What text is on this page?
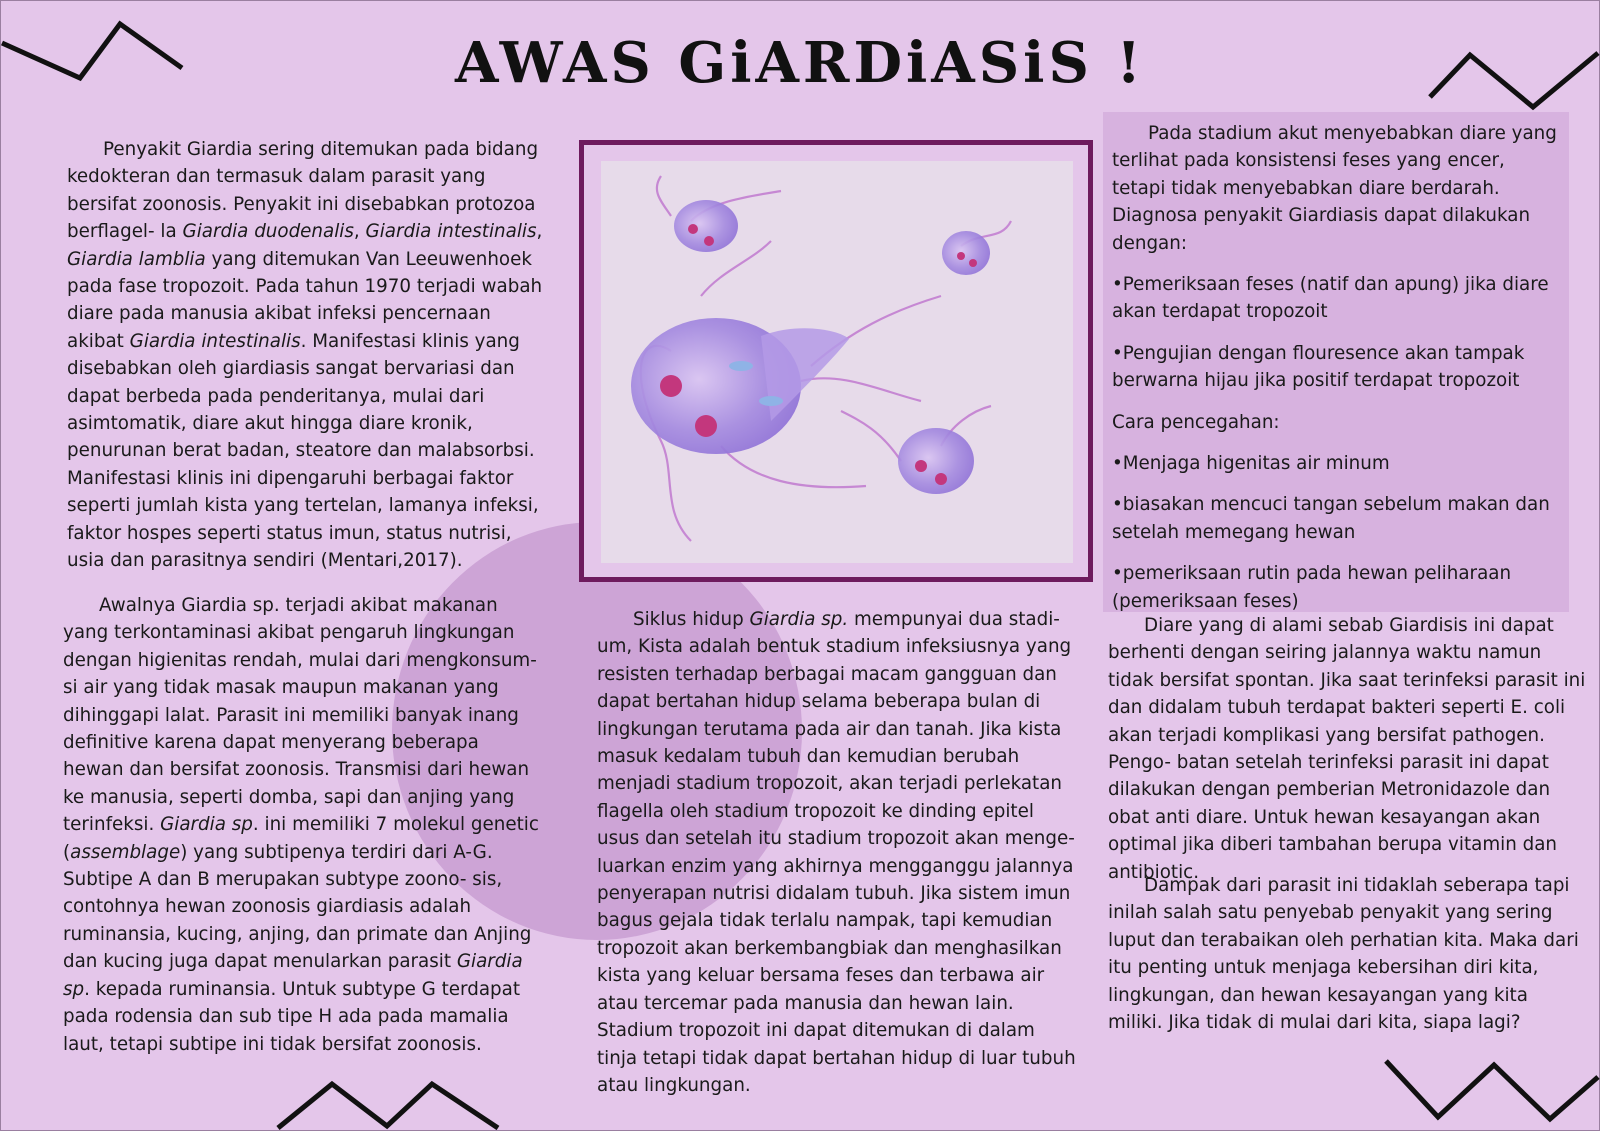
AWAS GiARDiASiS !

Penyakit Giardia sering ditemukan pada bidang kedokteran dan termasuk dalam parasit yang bersifat zoonosis. Penyakit ini disebabkan protozoa berflagel- la Giardia duodenalis, Giardia intestinalis, Giardia lamblia yang ditemukan Van Leeuwenhoek pada fase tropozoit. Pada tahun 1970 terjadi wabah diare pada manusia akibat infeksi pencernaan akibat Giardia intestinalis. Manifestasi klinis yang disebabkan oleh giardiasis sangat bervariasi dan dapat berbeda pada penderitanya, mulai dari asimtomatik, diare akut hingga diare kronik, penurunan berat badan, steatore dan malabsorbsi. Manifestasi klinis ini dipengaruhi berbagai faktor seperti jumlah kista yang tertelan, lamanya infeksi, faktor hospes seperti status imun, status nutrisi, usia dan parasitnya sendiri (Mentari,2017).

Awalnya Giardia sp. terjadi akibat makanan yang terkontaminasi akibat pengaruh lingkungan dengan higienitas rendah, mulai dari mengkonsum- si air yang tidak masak maupun makanan yang dihinggapi lalat. Parasit ini memiliki banyak inang definitive karena dapat menyerang beberapa hewan dan bersifat zoonosis. Transmisi dari hewan ke manusia, seperti domba, sapi dan anjing yang terinfeksi. Giardia sp. ini memiliki 7 molekul genetic (assemblage) yang subtipenya terdiri dari A-G. Subtipe A dan B merupakan subtype zoono- sis, contohnya hewan zoonosis giardiasis adalah ruminansia, kucing, anjing, dan primate dan Anjing dan kucing juga dapat menularkan parasit Giardia sp. kepada ruminansia. Untuk subtype G terdapat pada rodensia dan sub tipe H ada pada mamalia laut, tetapi subtipe ini tidak bersifat zoonosis.

Siklus hidup Giardia sp. mempunyai dua stadi- um, Kista adalah bentuk stadium infeksiusnya yang resisten terhadap berbagai macam gangguan dan dapat bertahan hidup selama beberapa bulan di lingkungan terutama pada air dan tanah. Jika kista masuk kedalam tubuh dan kemudian berubah menjadi stadium tropozoit, akan terjadi perlekatan flagella oleh stadium tropozoit ke dinding epitel usus dan setelah itu stadium tropozoit akan menge- luarkan enzim yang akhirnya mengganggu jalannya penyerapan nutrisi didalam tubuh. Jika sistem imun bagus gejala tidak terlalu nampak, tapi kemudian tropozoit akan berkembangbiak dan menghasilkan kista yang keluar bersama feses dan terbawa air atau tercemar pada manusia dan hewan lain. Stadium tropozoit ini dapat ditemukan di dalam tinja tetapi tidak dapat bertahan hidup di luar tubuh atau lingkungan.

Pada stadium akut menyebabkan diare yang terlihat pada konsistensi feses yang encer, tetapi tidak menyebabkan diare berdarah. Diagnosa penyakit Giardiasis dapat dilakukan dengan:

•Pemeriksaan feses (natif dan apung) jika diare akan terdapat tropozoit

•Pengujian dengan flouresence akan tampak berwarna hijau jika positif terdapat tropozoit

Cara pencegahan:

•Menjaga higenitas air minum

•biasakan mencuci tangan sebelum makan dan setelah memegang hewan

•pemeriksaan rutin pada hewan peliharaan (pemeriksaan feses)

Diare yang di alami sebab Giardisis ini dapat berhenti dengan seiring jalannya waktu namun tidak bersifat spontan. Jika saat terinfeksi parasit ini dan didalam tubuh terdapat bakteri seperti E. coli akan terjadi komplikasi yang bersifat pathogen. Pengo- batan setelah terinfeksi parasit ini dapat dilakukan dengan pemberian Metronidazole dan obat anti diare. Untuk hewan kesayangan akan optimal jika diberi tambahan berupa vitamin dan antibiotic.

Dampak dari parasit ini tidaklah seberapa tapi inilah salah satu penyebab penyakit yang sering luput dan terabaikan oleh perhatian kita. Maka dari itu penting untuk menjaga kebersihan diri kita, lingkungan, dan hewan kesayangan yang kita miliki. Jika tidak di mulai dari kita, siapa lagi?
